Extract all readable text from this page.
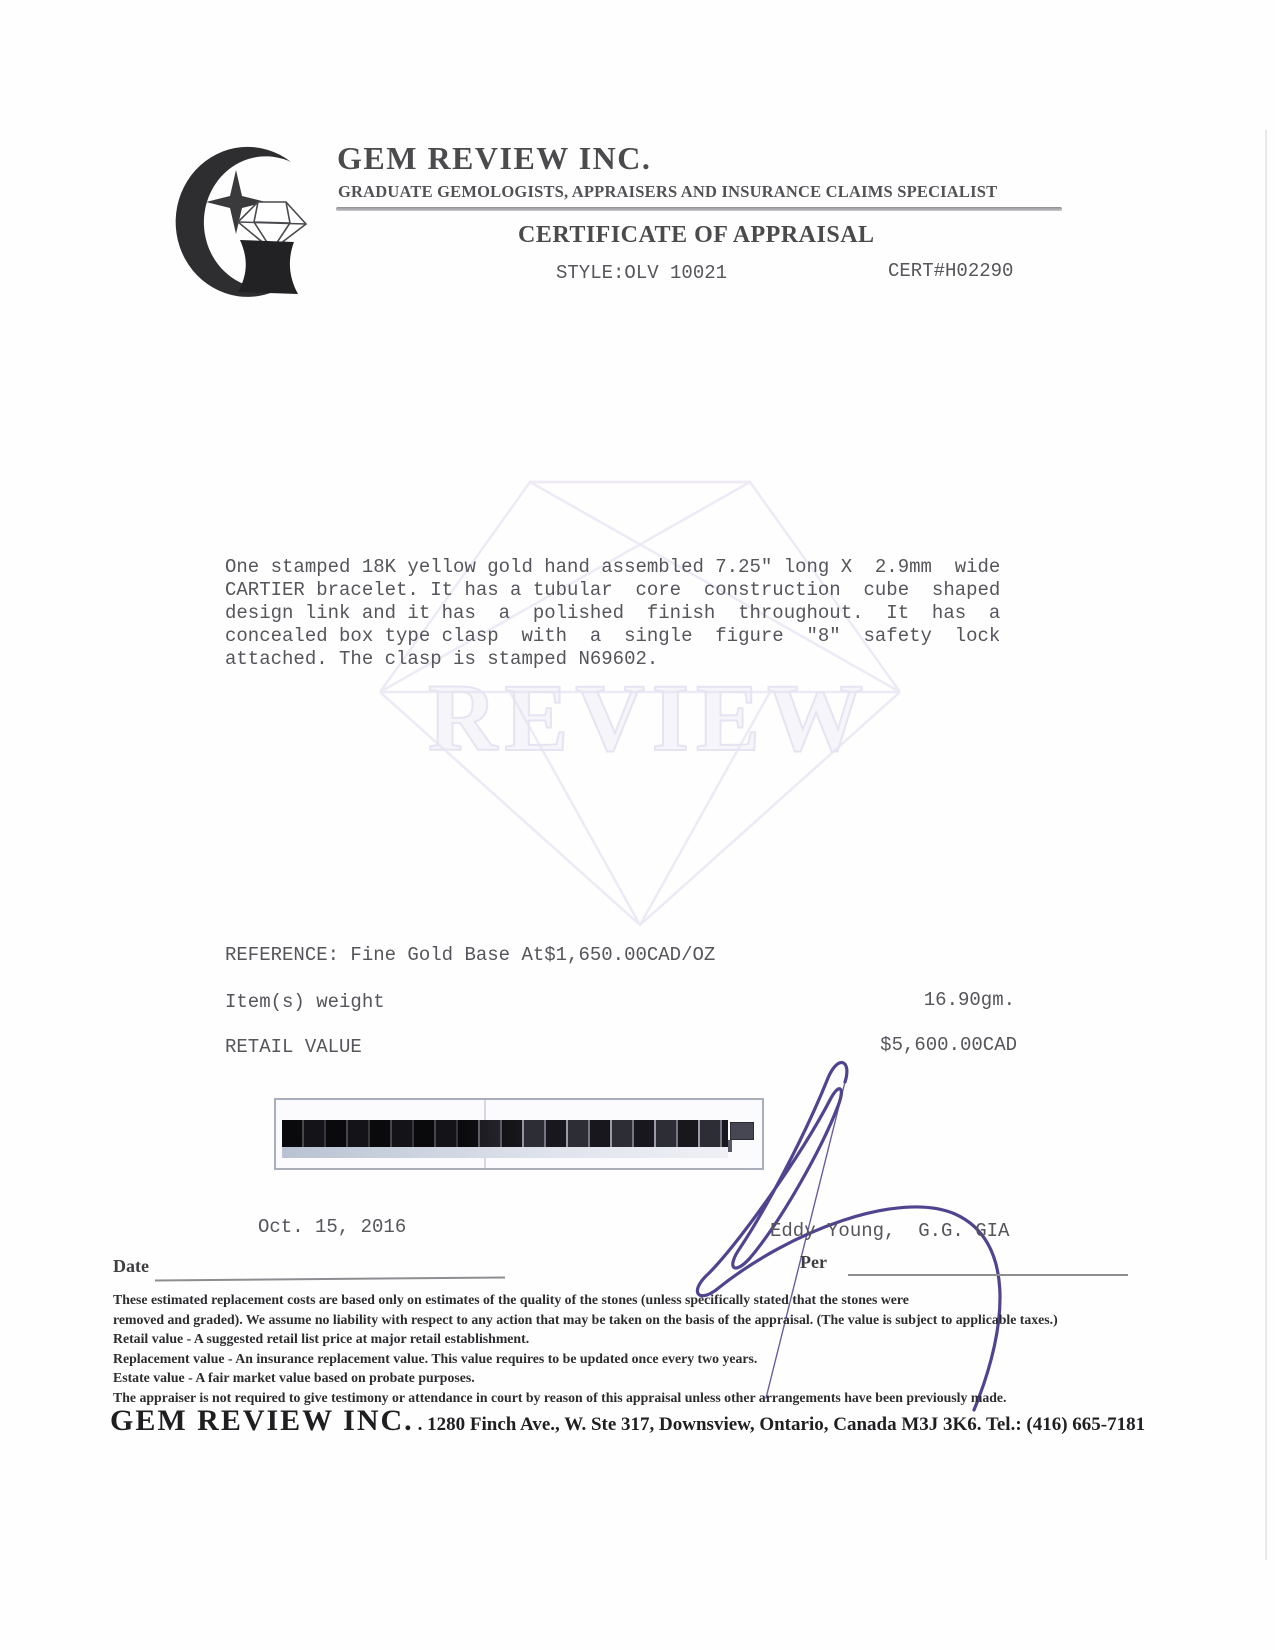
REVIEW
GEM REVIEW INC.
GRADUATE GEMOLOGISTS, APPRAISERS AND INSURANCE CLAIMS SPECIALIST
CERTIFICATE OF APPRAISAL
STYLE:OLV 10021	CERT#H02290
One stamped 18K yellow gold hand assembled 7.25" long X  2.9mm  wide
CARTIER bracelet. It has a tubular  core  construction  cube  shaped
design link and it has  a  polished  finish  throughout.  It  has  a
concealed box type clasp  with  a  single  figure  "8"  safety  lock
attached. The clasp is stamped N69602.
REFERENCE: Fine Gold Base At$1,650.00CAD/OZ
Item(s) weight	16.90gm.
RETAIL VALUE	$5,600.00CAD
Oct. 15, 2016	Eddy Young,  G.G. GIA
Date	Per
These estimated replacement costs are based only on estimates of the quality of the stones (unless specifically stated that the stones were
removed and graded). We assume no liability with respect to any action that may be taken on the basis of the appraisal. (The value is subject to applicable taxes.)
Retail value - A suggested retail list price at major retail establishment.
Replacement value - An insurance replacement value. This value requires to be updated once every two years.
Estate value - A fair market value based on probate purposes.
The appraiser is not required to give testimony or attendance in court by reason of this appraisal unless other arrangements have been previously made.
GEM REVIEW INC. . 1280 Finch Ave., W. Ste 317, Downsview, Ontario, Canada M3J 3K6. Tel.: (416) 665-7181
